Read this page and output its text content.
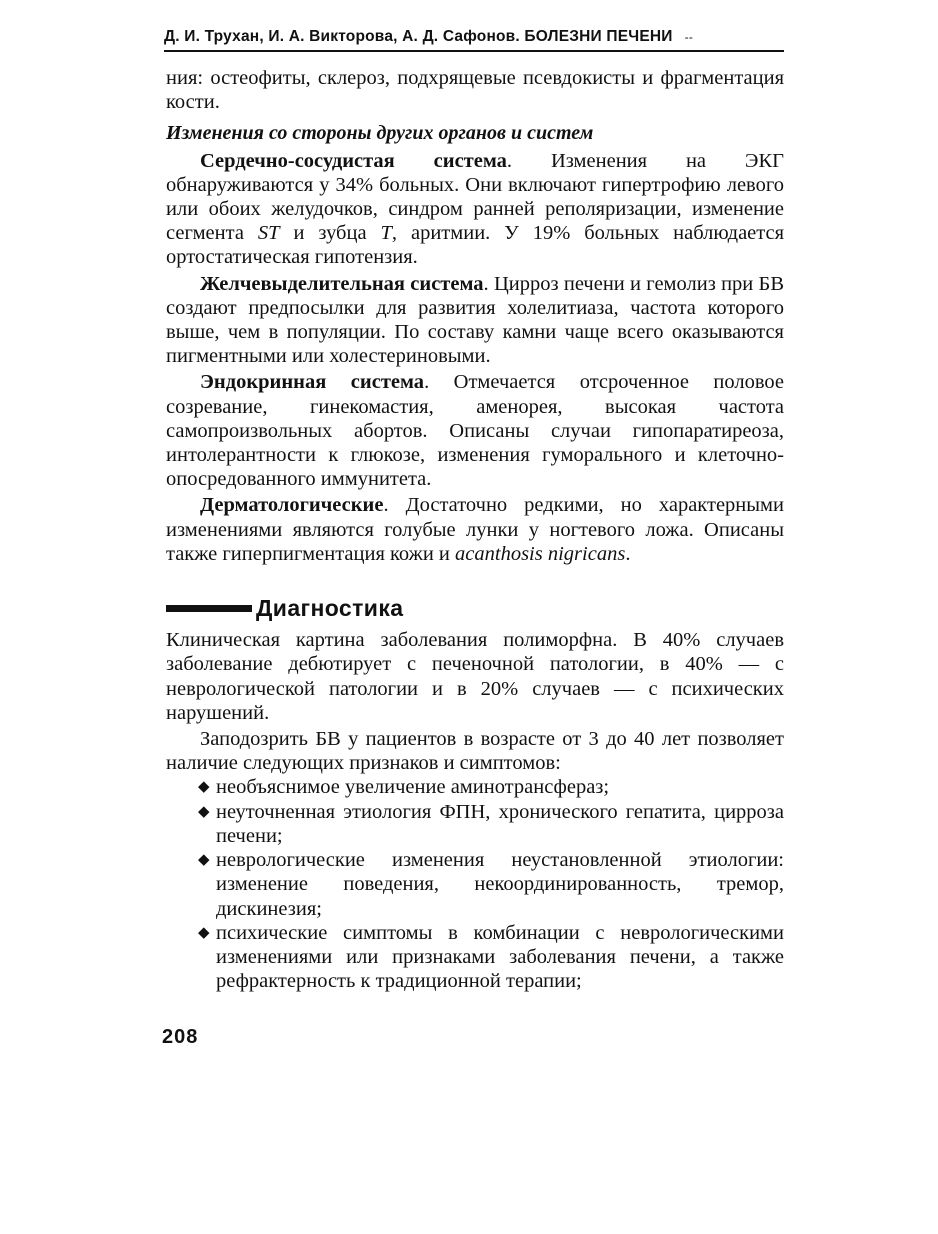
Д. И. Трухан, И. А. Викторова, А. Д. Сафонов. БОЛЕЗНИ ПЕЧЕНИ --

ния: остеофиты, склероз, подхрящевые псевдокисты и фрагментация кости.

Изменения со стороны других органов и систем

Сердечно-сосудистая система. Изменения на ЭКГ обнаруживаются у 34% больных. Они включают гипертрофию левого или обоих желудочков, синдром ранней реполяризации, изменение сегмента ST и зубца T, аритмии. У 19% больных наблюдается ортостатическая гипотензия.

Желчевыделительная система. Цирроз печени и гемолиз при БВ создают предпосылки для развития холелитиаза, частота которого выше, чем в популяции. По составу камни чаще всего оказываются пигментными или холестериновыми.

Эндокринная система. Отмечается отсроченное половое созревание, гинекомастия, аменорея, высокая частота самопроизвольных абортов. Описаны случаи гипопаратиреоза, интолерантности к глюкозе, изменения гуморального и клеточно-опосредованного иммунитета.

Дерматологические. Достаточно редкими, но характерными изменениями являются голубые лунки у ногтевого ложа. Описаны также гиперпигментация кожи и acanthosis nigricans.

Диагностика

Клиническая картина заболевания полиморфна. В 40% случаев заболевание дебютирует с печеночной патологии, в 40% — с неврологической патологии и в 20% случаев — с психических нарушений.

Заподозрить БВ у пациентов в возрасте от 3 до 40 лет позволяет наличие следующих признаков и симптомов:

◆ необъяснимое увеличение аминотрансфераз;
◆ неуточненная этиология ФПН, хронического гепатита, цирроза печени;
◆ неврологические изменения неустановленной этиологии: изменение поведения, некоординированность, тремор, дискинезия;
◆ психические симптомы в комбинации с неврологическими изменениями или признаками заболевания печени, а также рефрактерность к традиционной терапии;
208
